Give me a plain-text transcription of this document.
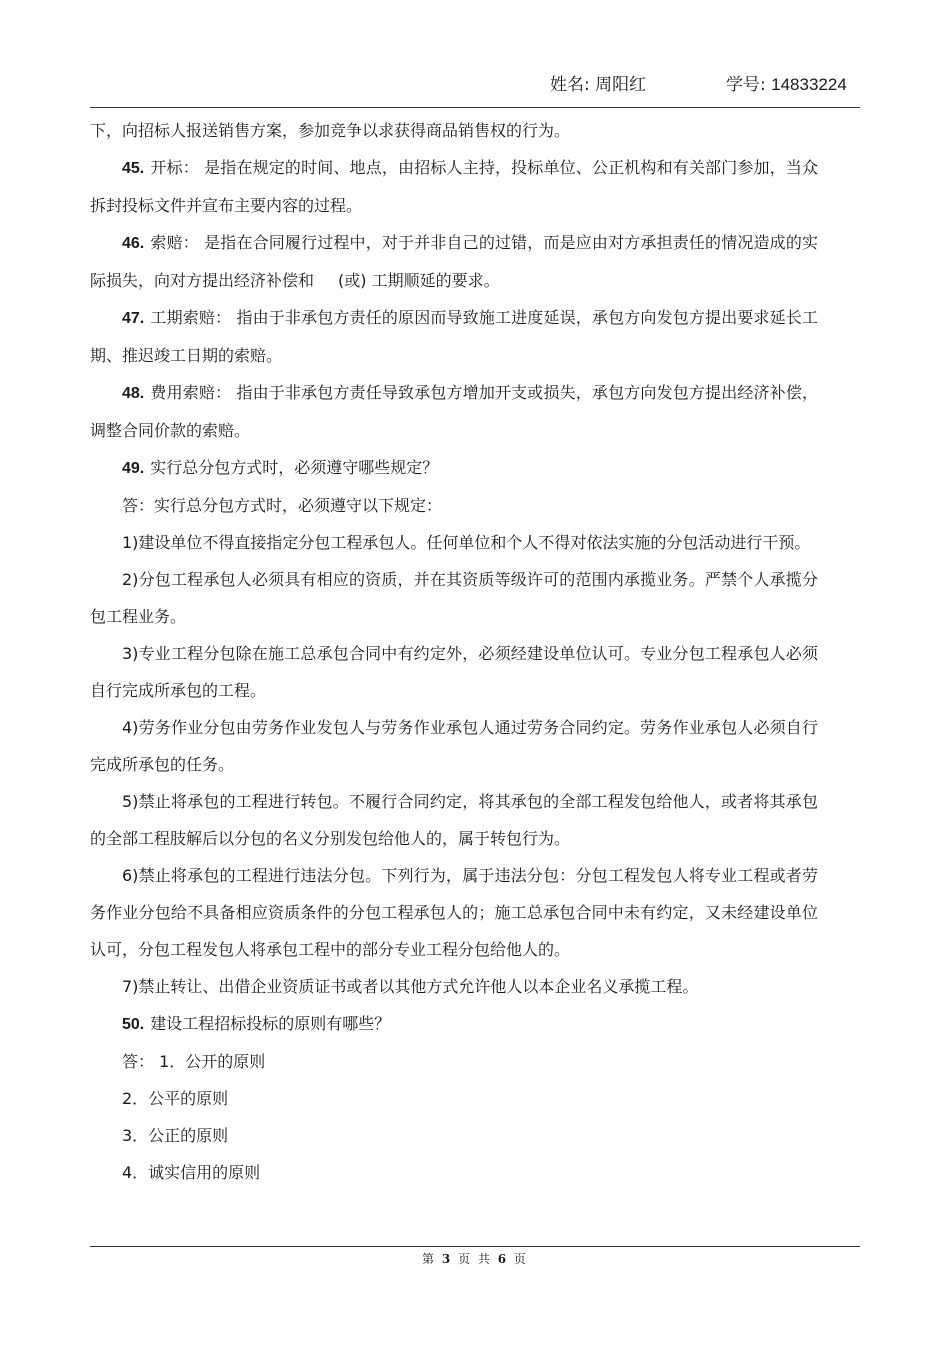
姓名: 周阳红	学号: 14833224

下，向招标人报送销售方案，参加竞争以求获得商品销售权的行为。

45. 开标： 是指在规定的时间、地点，由招标人主持，投标单位、公正机构和有关部门参加，当众拆封投标文件并宣布主要内容的过程。

46. 索赔： 是指在合同履行过程中，对于并非自己的过错，而是应由对方承担责任的情况造成的实际损失，向对方提出经济补偿和 (或) 工期顺延的要求。

47. 工期索赔： 指由于非承包方责任的原因而导致施工进度延误，承包方向发包方提出要求延长工期、推迟竣工日期的索赔。

48. 费用索赔： 指由于非承包方责任导致承包方增加开支或损失，承包方向发包方提出经济补偿，调整合同价款的索赔。

49. 实行总分包方式时，必须遵守哪些规定？

答：实行总分包方式时，必须遵守以下规定：

1)建设单位不得直接指定分包工程承包人。任何单位和个人不得对依法实施的分包活动进行干预。

2)分包工程承包人必须具有相应的资质，并在其资质等级许可的范围内承揽业务。严禁个人承揽分包工程业务。

3)专业工程分包除在施工总承包合同中有约定外，必须经建设单位认可。专业分包工程承包人必须自行完成所承包的工程。

4)劳务作业分包由劳务作业发包人与劳务作业承包人通过劳务合同约定。劳务作业承包人必须自行完成所承包的任务。

5)禁止将承包的工程进行转包。不履行合同约定，将其承包的全部工程发包给他人，或者将其承包的全部工程肢解后以分包的名义分别发包给他人的，属于转包行为。

6)禁止将承包的工程进行违法分包。下列行为，属于违法分包：分包工程发包人将专业工程或者劳务作业分包给不具备相应资质条件的分包工程承包人的；施工总承包合同中未有约定，又未经建设单位认可，分包工程发包人将承包工程中的部分专业工程分包给他人的。

7)禁止转让、出借企业资质证书或者以其他方式允许他人以本企业名义承揽工程。

50. 建设工程招标投标的原则有哪些？

答： 1．公开的原则

2．公平的原则

3．公正的原则

4．诚实信用的原则

第 3 页 共 6 页
